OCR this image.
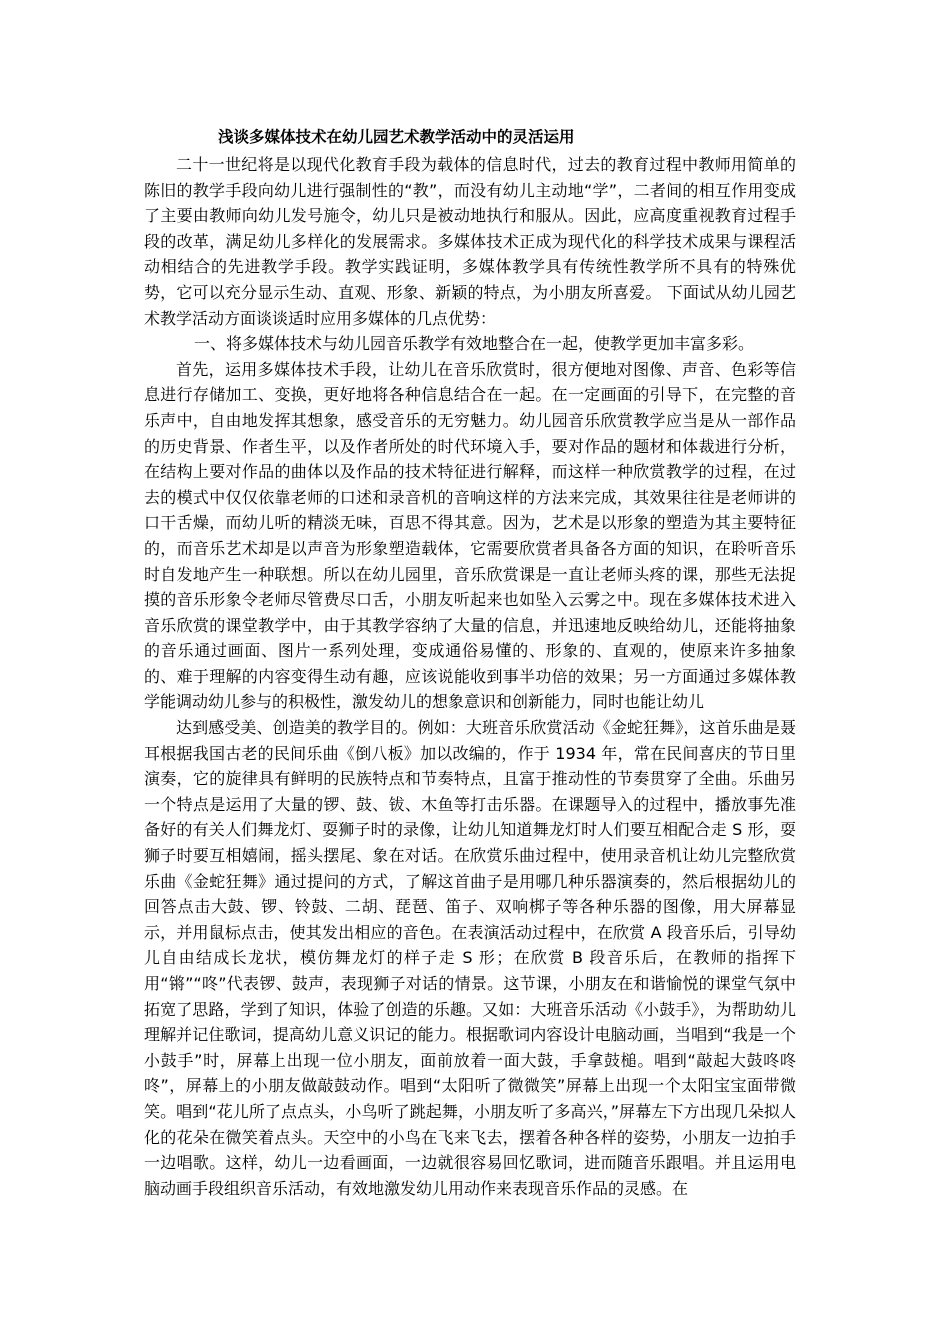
浅谈多媒体技术在幼儿园艺术教学活动中的灵活运用

二十一世纪将是以现代化教育手段为载体的信息时代，过去的教育过程中教师用简单的陈旧的教学手段向幼儿进行强制性的“教”，而没有幼儿主动地“学”，二者间的相互作用变成了主要由教师向幼儿发号施令，幼儿只是被动地执行和服从。因此，应高度重视教育过程手段的改革，满足幼儿多样化的发展需求。多媒体技术正成为现代化的科学技术成果与课程活动相结合的先进教学手段。教学实践证明，多媒体教学具有传统性教学所不具有的特殊优势，它可以充分显示生动、直观、形象、新颖的特点，为小朋友所喜爱。 下面试从幼儿园艺术教学活动方面谈谈适时应用多媒体的几点优势：

一、将多媒体技术与幼儿园音乐教学有效地整合在一起，使教学更加丰富多彩。

首先，运用多媒体技术手段，让幼儿在音乐欣赏时，很方便地对图像、声音、色彩等信息进行存储加工、变换，更好地将各种信息结合在一起。在一定画面的引导下，在完整的音乐声中，自由地发挥其想象，感受音乐的无穷魅力。幼儿园音乐欣赏教学应当是从一部作品的历史背景、作者生平，以及作者所处的时代环境入手，要对作品的题材和体裁进行分析，在结构上要对作品的曲体以及作品的技术特征进行解释，而这样一种欣赏教学的过程，在过去的模式中仅仅依靠老师的口述和录音机的音响这样的方法来完成，其效果往往是老师讲的口干舌燥，而幼儿听的精淡无味，百思不得其意。因为，艺术是以形象的塑造为其主要特征的，而音乐艺术却是以声音为形象塑造载体，它需要欣赏者具备各方面的知识，在聆听音乐时自发地产生一种联想。所以在幼儿园里，音乐欣赏课是一直让老师头疼的课，那些无法捉摸的音乐形象令老师尽管费尽口舌，小朋友听起来也如坠入云雾之中。现在多媒体技术进入音乐欣赏的课堂教学中，由于其教学容纳了大量的信息，并迅速地反映给幼儿，还能将抽象的音乐通过画面、图片一系列处理，变成通俗易懂的、形象的、直观的，使原来许多抽象的、难于理解的内容变得生动有趣，应该说能收到事半功倍的效果；另一方面通过多媒体教学能调动幼儿参与的积极性，激发幼儿的想象意识和创新能力，同时也能让幼儿

达到感受美、创造美的教学目的。例如：大班音乐欣赏活动《金蛇狂舞》，这首乐曲是聂耳根据我国古老的民间乐曲《倒八板》加以改编的，作于 1934 年，常在民间喜庆的节日里演奏，它的旋律具有鲜明的民族特点和节奏特点，且富于推动性的节奏贯穿了全曲。乐曲另一个特点是运用了大量的锣、鼓、钹、木鱼等打击乐器。在课题导入的过程中，播放事先准备好的有关人们舞龙灯、耍狮子时的录像，让幼儿知道舞龙灯时人们要互相配合走 S 形，耍狮子时要互相嬉闹，摇头摆尾、象在对话。在欣赏乐曲过程中，使用录音机让幼儿完整欣赏乐曲《金蛇狂舞》通过提问的方式，了解这首曲子是用哪几种乐器演奏的，然后根据幼儿的回答点击大鼓、锣、铃鼓、二胡、琵琶、笛子、双响梆子等各种乐器的图像，用大屏幕显示，并用鼠标点击，使其发出相应的音色。在表演活动过程中，在欣赏 A 段音乐后，引导幼儿自由结成长龙状，模仿舞龙灯的样子走 S 形；在欣赏 B 段音乐后，在教师的指挥下用“锵”“咚”代表锣、鼓声，表现狮子对话的情景。这节课，小朋友在和谐愉悦的课堂气氛中拓宽了思路，学到了知识，体验了创造的乐趣。又如：大班音乐活动《小鼓手》，为帮助幼儿理解并记住歌词，提高幼儿意义识记的能力。根据歌词内容设计电脑动画，当唱到“我是一个小鼓手”时，屏幕上出现一位小朋友，面前放着一面大鼓，手拿鼓槌。唱到“敲起大鼓咚咚咚”，屏幕上的小朋友做敲鼓动作。唱到“太阳听了微微笑”屏幕上出现一个太阳宝宝面带微笑。唱到“花儿所了点点头，小鸟听了跳起舞，小朋友听了多高兴，”屏幕左下方出现几朵拟人化的花朵在微笑着点头。天空中的小鸟在飞来飞去，摆着各种各样的姿势，小朋友一边拍手一边唱歌。这样，幼儿一边看画面，一边就很容易回忆歌词，进而随音乐跟唱。并且运用电脑动画手段组织音乐活动，有效地激发幼儿用动作来表现音乐作品的灵感。在
